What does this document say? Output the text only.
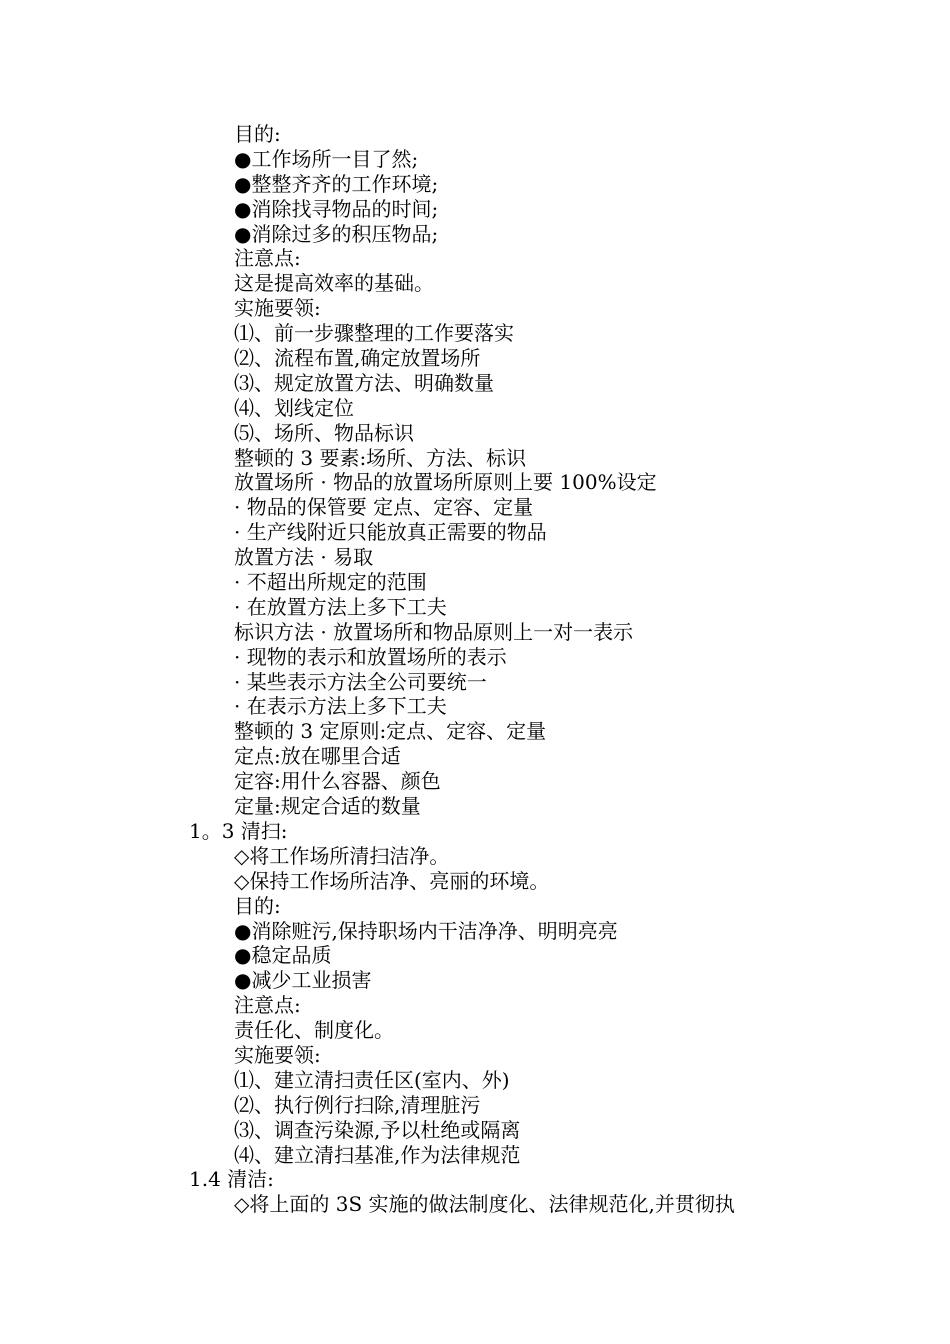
目的:
●工作场所一目了然;
●整整齐齐的工作环境;
●消除找寻物品的时间;
●消除过多的积压物品;
注意点:
这是提高效率的基础。
实施要领:
⑴、前一步骤整理的工作要落实
⑵、流程布置,确定放置场所
⑶、规定放置方法、明确数量
⑷、划线定位
⑸、场所、物品标识
整顿的 3 要素:场所、方法、标识
放置场所 · 物品的放置场所原则上要 100%设定
· 物品的保管要 定点、定容、定量
· 生产线附近只能放真正需要的物品
放置方法 · 易取
· 不超出所规定的范围
· 在放置方法上多下工夫
标识方法 · 放置场所和物品原则上一对一表示
· 现物的表示和放置场所的表示
· 某些表示方法全公司要统一
· 在表示方法上多下工夫
整顿的 3 定原则:定点、定容、定量
定点:放在哪里合适
定容:用什么容器、颜色
定量:规定合适的数量
1。3 清扫:
◇将工作场所清扫洁净。
◇保持工作场所洁净、亮丽的环境。
目的:
●消除赃污,保持职场内干洁净净、明明亮亮
●稳定品质
●减少工业损害
注意点:
责任化、制度化。
实施要领:
⑴、建立清扫责任区(室内、外)
⑵、执行例行扫除,清理脏污
⑶、调查污染源,予以杜绝或隔离
⑷、建立清扫基准,作为法律规范
1.4 清洁:
◇将上面的 3S 实施的做法制度化、法律规范化,并贯彻执
